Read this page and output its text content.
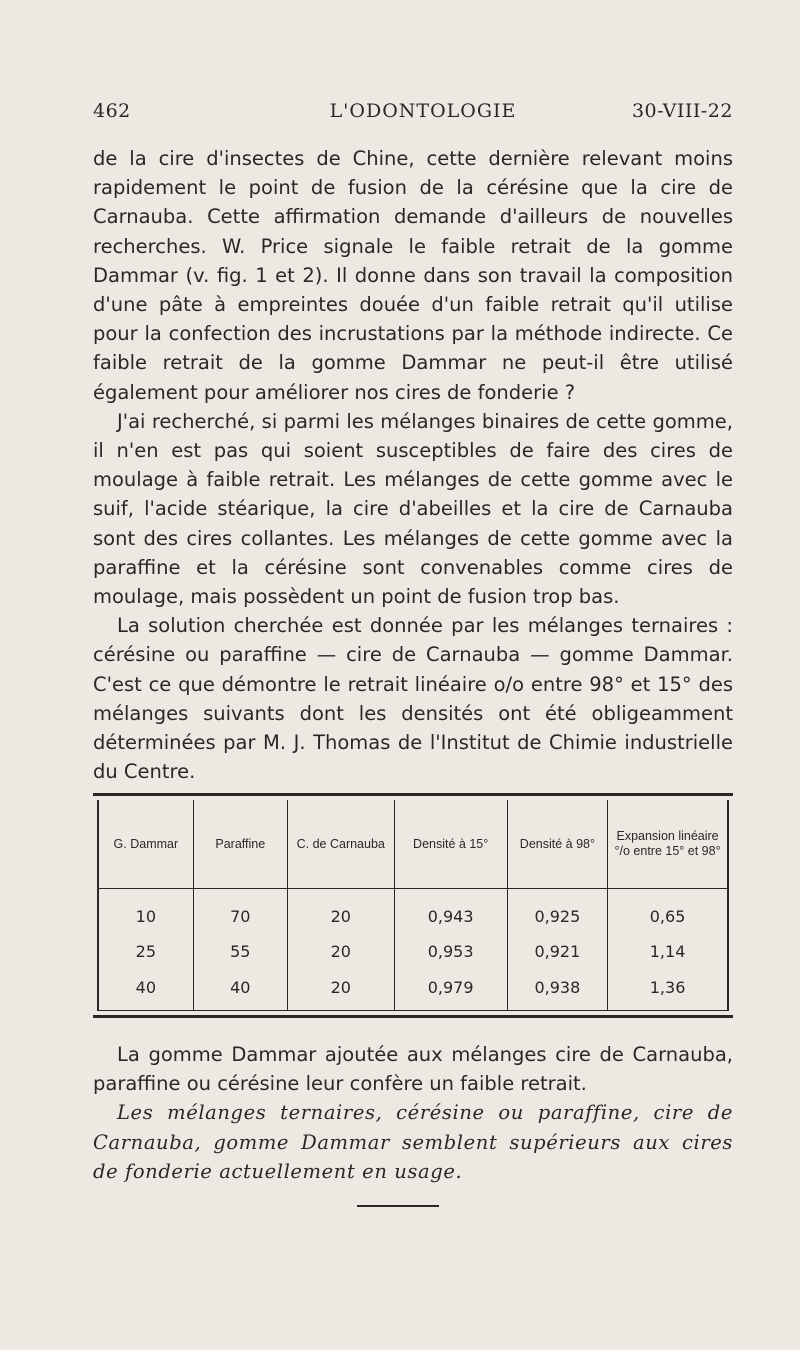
462	L'ODONTOLOGIE	30-VIII-22

de la cire d'insectes de Chine, cette dernière relevant moins rapidement le point de fusion de la cérésine que la cire de Carnauba. Cette affirmation demande d'ailleurs de nouvelles recherches. W. Price signale le faible retrait de la gomme Dammar (v. fig. 1 et 2). Il donne dans son travail la composition d'une pâte à empreintes douée d'un faible retrait qu'il utilise pour la confection des incrustations par la méthode indirecte. Ce faible retrait de la gomme Dammar ne peut-il être utilisé également pour améliorer nos cires de fonderie ?

J'ai recherché, si parmi les mélanges binaires de cette gomme, il n'en est pas qui soient susceptibles de faire des cires de moulage à faible retrait. Les mélanges de cette gomme avec le suif, l'acide stéarique, la cire d'abeilles et la cire de Carnauba sont des cires collantes. Les mélanges de cette gomme avec la paraffine et la cérésine sont convenables comme cires de moulage, mais possèdent un point de fusion trop bas.

La solution cherchée est donnée par les mélanges ternaires : cérésine ou paraffine — cire de Carnauba — gomme Dammar. C'est ce que démontre le retrait linéaire o/o entre 98° et 15° des mélanges suivants dont les densités ont été obligeamment déterminées par M. J. Thomas de l'Institut de Chimie industrielle du Centre.

G. Dammar	Paraffine	C. de Carnauba	Densité à 15°	Densité à 98°	Expansion linéaire °/o entre 15° et 98°
10	70	20	0,943	0,925	0,65
25	55	20	0,953	0,921	1,14
40	40	20	0,979	0,938	1,36

La gomme Dammar ajoutée aux mélanges cire de Carnauba, paraffine ou cérésine leur confère un faible retrait.

Les mélanges ternaires, cérésine ou paraffine, cire de Carnauba, gomme Dammar semblent supérieurs aux cires de fonderie actuellement en usage.
